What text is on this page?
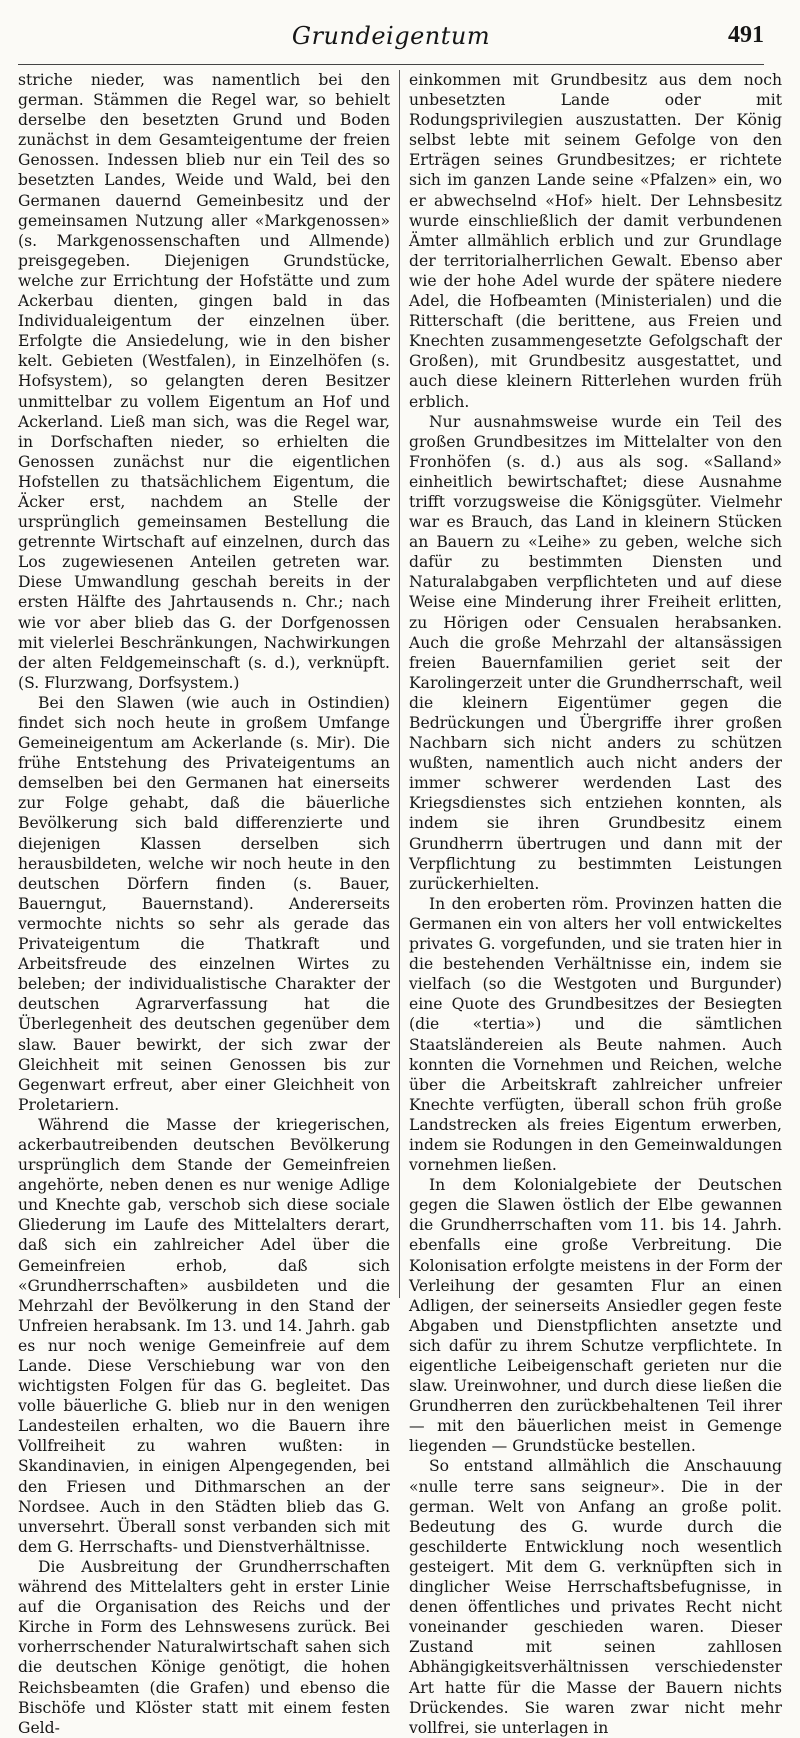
Grundeigentum	491

striche nieder, was namentlich bei den german. Stämmen die Regel war, so behielt derselbe den besetzten Grund und Boden zunächst in dem Gesamteigentume der freien Genossen. Indessen blieb nur ein Teil des so besetzten Landes, Weide und Wald, bei den Germanen dauernd Gemeinbesitz und der gemeinsamen Nutzung aller «Markgenossen» (s. Markgenossenschaften und Allmende) preisgegeben. Diejenigen Grundstücke, welche zur Errichtung der Hofstätte und zum Ackerbau dienten, gingen bald in das Individualeigentum der einzelnen über. Erfolgte die Ansiedelung, wie in den bisher kelt. Gebieten (Westfalen), in Einzelhöfen (s. Hofsystem), so gelangten deren Besitzer unmittelbar zu vollem Eigentum an Hof und Ackerland. Ließ man sich, was die Regel war, in Dorfschaften nieder, so erhielten die Genossen zunächst nur die eigentlichen Hofstellen zu thatsächlichem Eigentum, die Äcker erst, nachdem an Stelle der ursprünglich gemeinsamen Bestellung die getrennte Wirtschaft auf einzelnen, durch das Los zugewiesenen Anteilen getreten war. Diese Umwandlung geschah bereits in der ersten Hälfte des Jahrtausends n. Chr.; nach wie vor aber blieb das G. der Dorfgenossen mit vielerlei Beschränkungen, Nachwirkungen der alten Feldgemeinschaft (s. d.), verknüpft. (S. Flurzwang, Dorfsystem.)

Bei den Slawen (wie auch in Ostindien) findet sich noch heute in großem Umfange Gemeineigentum am Ackerlande (s. Mir). Die frühe Entstehung des Privateigentums an demselben bei den Germanen hat einerseits zur Folge gehabt, daß die bäuerliche Bevölkerung sich bald differenzierte und diejenigen Klassen derselben sich herausbildeten, welche wir noch heute in den deutschen Dörfern finden (s. Bauer, Bauerngut, Bauernstand). Andererseits vermochte nichts so sehr als gerade das Privateigentum die Thatkraft und Arbeitsfreude des einzelnen Wirtes zu beleben; der individualistische Charakter der deutschen Agrarverfassung hat die Überlegenheit des deutschen gegenüber dem slaw. Bauer bewirkt, der sich zwar der Gleichheit mit seinen Genossen bis zur Gegenwart erfreut, aber einer Gleichheit von Proletariern.

Während die Masse der kriegerischen, ackerbautreibenden deutschen Bevölkerung ursprünglich dem Stande der Gemeinfreien angehörte, neben denen es nur wenige Adlige und Knechte gab, verschob sich diese sociale Gliederung im Laufe des Mittelalters derart, daß sich ein zahlreicher Adel über die Gemeinfreien erhob, daß sich «Grundherrschaften» ausbildeten und die Mehrzahl der Bevölkerung in den Stand der Unfreien herabsank. Im 13. und 14. Jahrh. gab es nur noch wenige Gemeinfreie auf dem Lande. Diese Verschiebung war von den wichtigsten Folgen für das G. begleitet. Das volle bäuerliche G. blieb nur in den wenigen Landesteilen erhalten, wo die Bauern ihre Vollfreiheit zu wahren wußten: in Skandinavien, in einigen Alpengegenden, bei den Friesen und Dithmarschen an der Nordsee. Auch in den Städten blieb das G. unversehrt. Überall sonst verbanden sich mit dem G. Herrschafts- und Dienstverhältnisse.

Die Ausbreitung der Grundherrschaften während des Mittelalters geht in erster Linie auf die Organisation des Reichs und der Kirche in Form des Lehnswesens zurück. Bei vorherrschender Naturalwirtschaft sahen sich die deutschen Könige genötigt, die hohen Reichsbeamten (die Grafen) und ebenso die Bischöfe und Klöster statt mit einem festen Geld-

einkommen mit Grundbesitz aus dem noch unbesetzten Lande oder mit Rodungsprivilegien auszustatten. Der König selbst lebte mit seinem Gefolge von den Erträgen seines Grundbesitzes; er richtete sich im ganzen Lande seine «Pfalzen» ein, wo er abwechselnd «Hof» hielt. Der Lehnsbesitz wurde einschließlich der damit verbundenen Ämter allmählich erblich und zur Grundlage der territorialherrlichen Gewalt. Ebenso aber wie der hohe Adel wurde der spätere niedere Adel, die Hofbeamten (Ministerialen) und die Ritterschaft (die berittene, aus Freien und Knechten zusammengesetzte Gefolgschaft der Großen), mit Grundbesitz ausgestattet, und auch diese kleinern Ritterlehen wurden früh erblich.

Nur ausnahmsweise wurde ein Teil des großen Grundbesitzes im Mittelalter von den Fronhöfen (s. d.) aus als sog. «Salland» einheitlich bewirtschaftet; diese Ausnahme trifft vorzugsweise die Königsgüter. Vielmehr war es Brauch, das Land in kleinern Stücken an Bauern zu «Leihe» zu geben, welche sich dafür zu bestimmten Diensten und Naturalabgaben verpflichteten und auf diese Weise eine Minderung ihrer Freiheit erlitten, zu Hörigen oder Censualen herabsanken. Auch die große Mehrzahl der altansässigen freien Bauernfamilien geriet seit der Karolingerzeit unter die Grundherrschaft, weil die kleinern Eigentümer gegen die Bedrückungen und Übergriffe ihrer großen Nachbarn sich nicht anders zu schützen wußten, namentlich auch nicht anders der immer schwerer werdenden Last des Kriegsdienstes sich entziehen konnten, als indem sie ihren Grundbesitz einem Grundherrn übertrugen und dann mit der Verpflichtung zu bestimmten Leistungen zurückerhielten.

In den eroberten röm. Provinzen hatten die Germanen ein von alters her voll entwickeltes privates G. vorgefunden, und sie traten hier in die bestehenden Verhältnisse ein, indem sie vielfach (so die Westgoten und Burgunder) eine Quote des Grundbesitzes der Besiegten (die «tertia») und die sämtlichen Staatsländereien als Beute nahmen. Auch konnten die Vornehmen und Reichen, welche über die Arbeitskraft zahlreicher unfreier Knechte verfügten, überall schon früh große Landstrecken als freies Eigentum erwerben, indem sie Rodungen in den Gemeinwaldungen vornehmen ließen.

In dem Kolonialgebiete der Deutschen gegen die Slawen östlich der Elbe gewannen die Grundherrschaften vom 11. bis 14. Jahrh. ebenfalls eine große Verbreitung. Die Kolonisation erfolgte meistens in der Form der Verleihung der gesamten Flur an einen Adligen, der seinerseits Ansiedler gegen feste Abgaben und Dienstpflichten ansetzte und sich dafür zu ihrem Schutze verpflichtete. In eigentliche Leibeigenschaft gerieten nur die slaw. Ureinwohner, und durch diese ließen die Grundherren den zurückbehaltenen Teil ihrer — mit den bäuerlichen meist in Gemenge liegenden — Grundstücke bestellen.

So entstand allmählich die Anschauung «nulle terre sans seigneur». Die in der german. Welt von Anfang an große polit. Bedeutung des G. wurde durch die geschilderte Entwicklung noch wesentlich gesteigert. Mit dem G. verknüpften sich in dinglicher Weise Herrschaftsbefugnisse, in denen öffentliches und privates Recht nicht voneinander geschieden waren. Dieser Zustand mit seinen zahllosen Abhängigkeitsverhältnissen verschiedenster Art hatte für die Masse der Bauern nichts Drückendes. Sie waren zwar nicht mehr vollfrei, sie unterlagen in
